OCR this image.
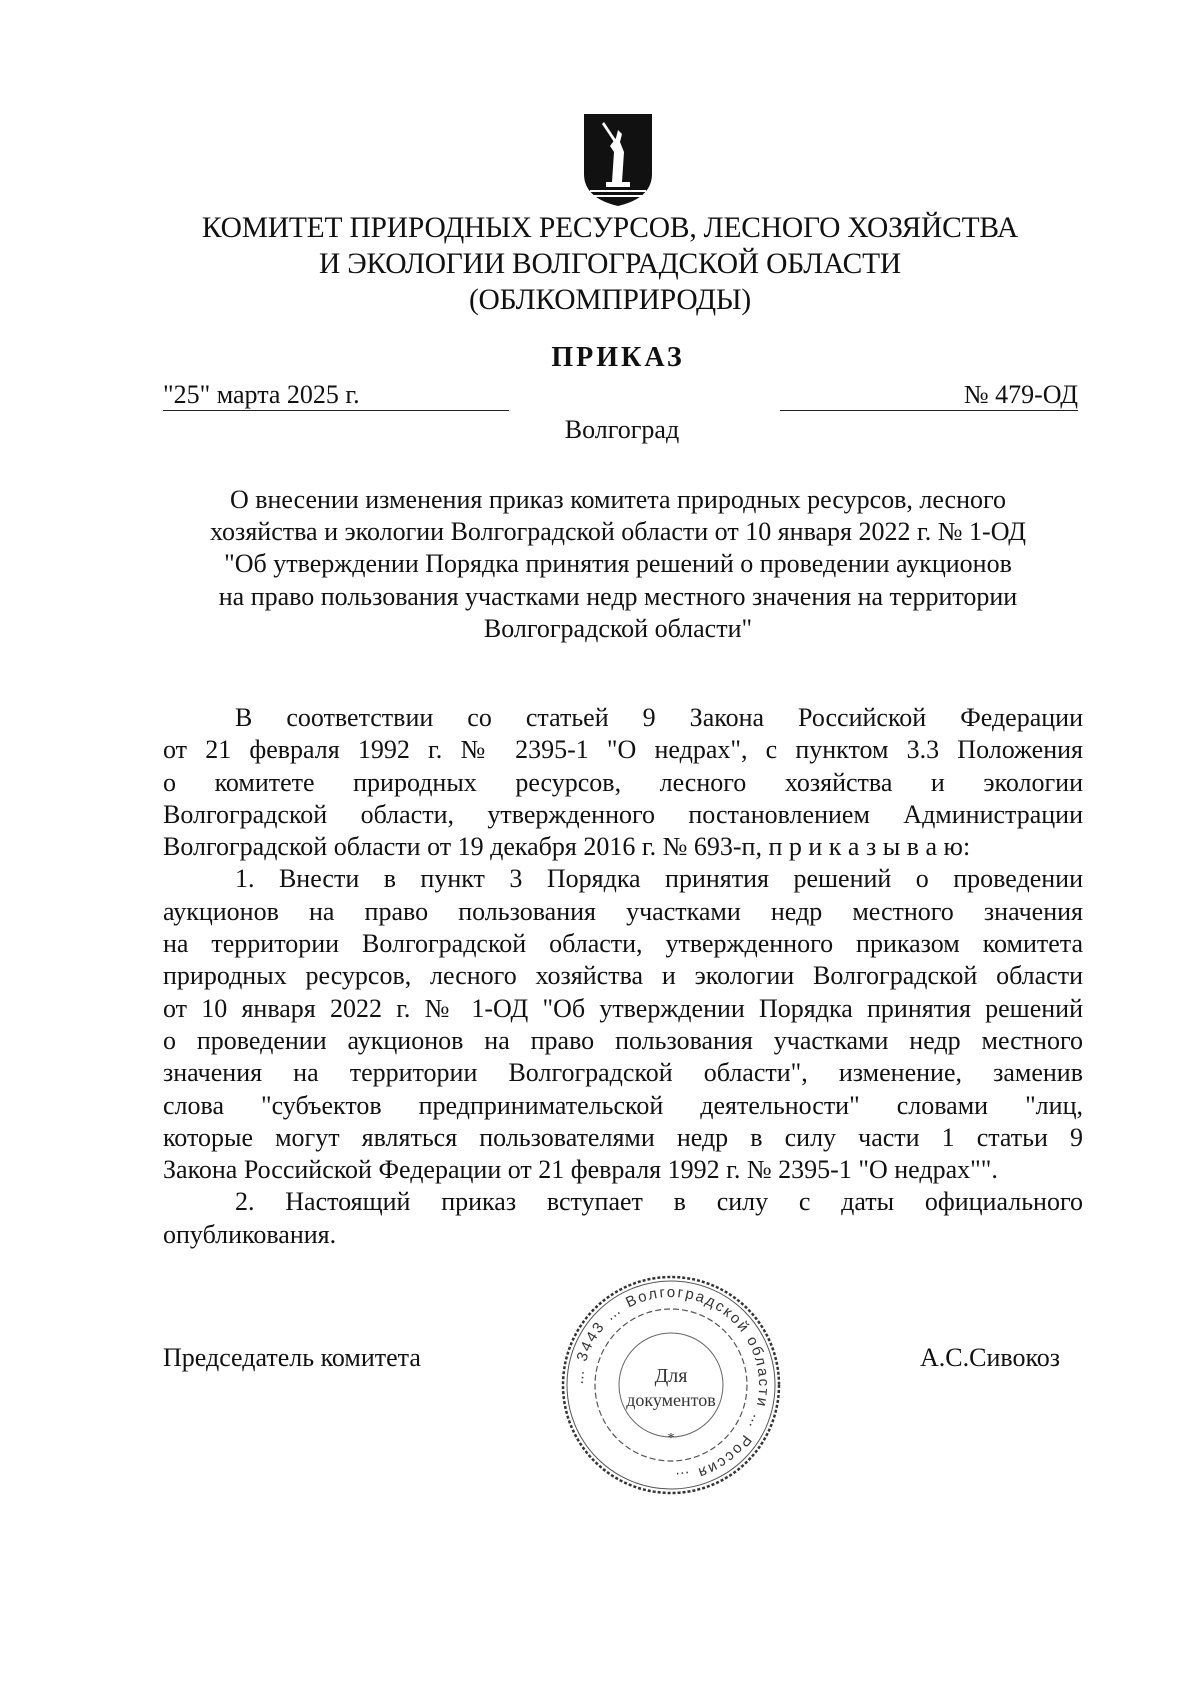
КОМИТЕТ ПРИРОДНЫХ РЕСУРСОВ, ЛЕСНОГО ХОЗЯЙСТВА
И ЭКОЛОГИИ ВОЛГОГРАДСКОЙ ОБЛАСТИ
(ОБЛКОМПРИРОДЫ)
ПРИКАЗ
"25" марта 2025 г.	№ 479-ОД
Волгоград
О внесении изменения приказ комитета природных ресурсов, лесного
хозяйства и экологии Волгоградской области от 10 января 2022 г. № 1-ОД
"Об утверждении Порядка принятия решений о проведении аукционов
на право пользования участками недр местного значения на территории
Волгоградской области"
В соответствии со статьей 9 Закона Российской Федерации
от 21 февраля 1992 г. № 2395-1 "О недрах", с пунктом 3.3 Положения
о комитете природных ресурсов, лесного хозяйства и экологии
Волгоградской области, утвержденного постановлением Администрации
Волгоградской области от 19 декабря 2016 г. № 693-п, п р и к а з ы в а ю:
1. Внести в пункт 3 Порядка принятия решений о проведении
аукционов на право пользования участками недр местного значения
на территории Волгоградской области, утвержденного приказом комитета
природных ресурсов, лесного хозяйства и экологии Волгоградской области
от 10 января 2022 г. № 1-ОД "Об утверждении Порядка принятия решений
о проведении аукционов на право пользования участками недр местного
значения на территории Волгоградской области", изменение, заменив
слова "субъектов предпринимательской деятельности" словами "лиц,
которые могут являться пользователями недр в силу части 1 статьи 9
Закона Российской Федерации от 21 февраля 1992 г. № 2395-1 "О недрах"".
2. Настоящий приказ вступает в силу с даты официального
опубликования.
Председатель комитета
… 3443 … Волгоградской области … Россия …
Для
документов
*
А.С.Сивокоз
